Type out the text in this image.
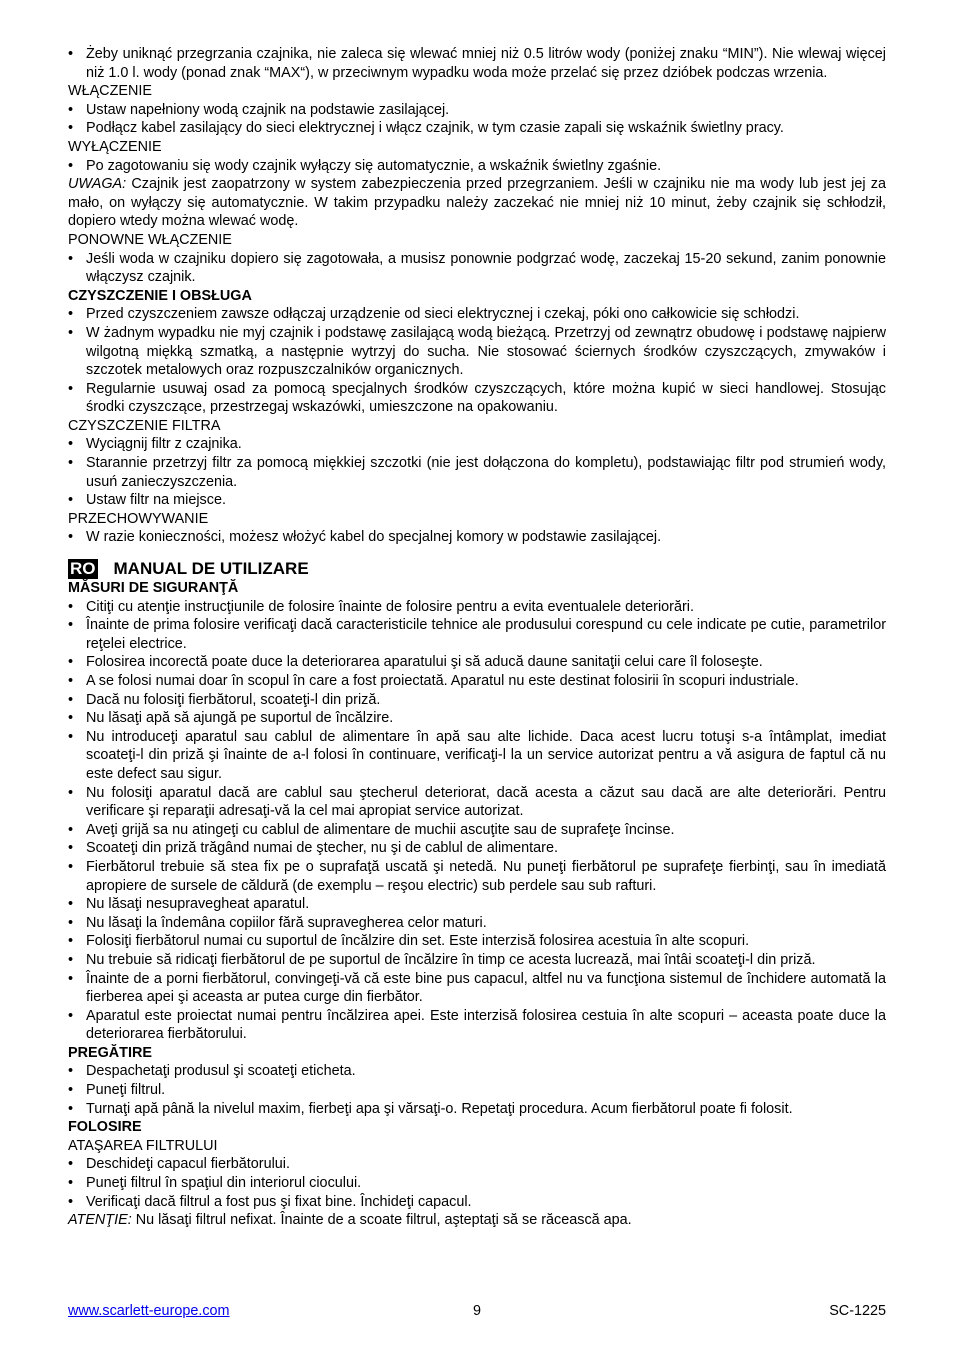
• Żeby uniknąć przegrzania czajnika, nie zaleca się wlewać mniej niż 0.5 litrów wody (poniżej znaku “MIN”). Nie wlewaj więcej niż 1.0 l. wody (ponad znak “MAX“), w przeciwnym wypadku woda może przelać się przez dzióbek podczas wrzenia.
WŁĄCZENIE
• Ustaw napełniony wodą czajnik na podstawie zasilającej.
• Podłącz kabel zasilający do sieci elektrycznej i włącz czajnik, w tym czasie zapali się wskaźnik świetlny pracy.
WYŁĄCZENIE
• Po zagotowaniu się wody czajnik wyłączy się automatycznie, a wskaźnik świetlny zgaśnie.

UWAGA: Czajnik jest zaopatrzony w system zabezpieczenia przed przegrzaniem. Jeśli w czajniku nie ma wody lub jest jej za mało, on wyłączy się automatycznie. W takim przypadku należy zaczekać nie mniej niż 10 minut, żeby czajnik się schłodził, dopiero wtedy można wlewać wodę.

PONOWNE WŁĄCZENIE
• Jeśli woda w czajniku dopiero się zagotowała, a musisz ponownie podgrzać wodę, zaczekaj 15-20 sekund, zanim ponownie włączysz czajnik.
CZYSZCZENIE I OBSŁUGA
• Przed czyszczeniem zawsze odłączaj urządzenie od sieci elektrycznej i czekaj, póki ono całkowicie się schłodzi.
• W żadnym wypadku nie myj czajnik i podstawę zasilającą wodą bieżącą. Przetrzyj od zewnątrz obudowę i podstawę najpierw wilgotną miękką szmatką, a następnie wytrzyj do sucha. Nie stosować ściernych środków czyszczących, zmywaków i szczotek metalowych oraz rozpuszczalników organicznych.
• Regularnie usuwaj osad za pomocą specjalnych środków czyszczących, które można kupić w sieci handlowej. Stosując środki czyszczące, przestrzegaj wskazówki, umieszczone na opakowaniu.
CZYSZCZENIE FILTRA
• Wyciągnij filtr z czajnika.
• Starannie przetrzyj filtr za pomocą miękkiej szczotki (nie jest dołączona do kompletu), podstawiając filtr pod strumień wody, usuń zanieczyszczenia.
• Ustaw filtr na miejsce.
PRZECHOWYWANIE
• W razie konieczności, możesz włożyć kabel do specjalnej komory w podstawie zasilającej.
RO MANUAL DE UTILIZARE
MĂSURI DE SIGURANŢĂ
• Citiţi cu atenţie instrucţiunile de folosire înainte de folosire pentru a evita eventualele deteriorări.
• Înainte de prima folosire verificaţi dacă caracteristicile tehnice ale produsului corespund cu cele indicate pe cutie, parametrilor reţelei electrice.
• Folosirea incorectă poate duce la deteriorarea aparatului şi să aducă daune sanitaţii celui care îl foloseşte.
• A se folosi numai doar în scopul în care a fost proiectată. Aparatul nu este destinat folosirii în scopuri industriale.
• Dacă nu folosiţi fierbătorul, scoateţi-l din priză.
• Nu lăsaţi apă să ajungă pe suportul de încălzire.
• Nu introduceţi aparatul sau cablul de alimentare în apă sau alte lichide. Daca acest lucru totuşi s-a întâmplat, imediat scoateţi-l din priză şi înainte de a-l folosi în continuare, verificaţi-l la un service autorizat pentru a vă asigura de faptul că nu este defect sau sigur.
• Nu folosiţi aparatul dacă are cablul sau ştecherul deteriorat, dacă acesta a căzut sau dacă are alte deteriorări. Pentru verificare şi reparaţii adresaţi-vă la cel mai apropiat service autorizat.
• Aveţi grijă sa nu atingeţi cu cablul de alimentare de muchii ascuţite sau de suprafeţe încinse.
• Scoateţi din priză trăgând numai de ştecher, nu şi de cablul de alimentare.
• Fierbătorul trebuie să stea fix pe o suprafaţă uscată şi netedă. Nu puneţi fierbătorul pe suprafeţe fierbinţi, sau în imediată apropiere de sursele de căldură (de exemplu – reşou electric) sub perdele sau sub rafturi.
• Nu lăsaţi nesupravegheat aparatul.
• Nu lăsaţi la îndemâna copiilor fără supravegherea celor maturi.
• Folosiţi fierbătorul numai cu suportul de încălzire din set. Este interzisă folosirea acestuia în alte scopuri.
• Nu trebuie să ridicaţi fierbătorul de pe suportul de încălzire în timp ce acesta lucrează, mai întâi scoateţi-l din priză.
• Înainte de a porni fierbătorul, convingeţi-vă că este bine pus capacul, altfel nu va funcţiona sistemul de închidere automată la fierberea apei şi aceasta ar putea curge din fierbător.
• Aparatul este proiectat numai pentru încălzirea apei. Este interzisă folosirea cestuia în alte scopuri – aceasta poate duce la deteriorarea fierbătorului.
PREGĂTIRE
• Despachetaţi produsul şi scoateţi eticheta.
• Puneţi filtrul.
• Turnaţi apă până la nivelul maxim, fierbeţi apa şi vărsaţi-o. Repetaţi procedura. Acum fierbătorul poate fi folosit.
FOLOSIRE
ATAŞAREA FILTRULUI
• Deschideţi capacul fierbătorului.
• Puneţi filtrul în spaţiul din interiorul ciocului.
• Verificaţi dacă filtrul a fost pus şi fixat bine. Închideţi capacul.

ATENŢIE: Nu lăsaţi filtrul nefixat. Înainte de a scoate filtrul, aşteptaţi să se răcească apa.

www.scarlett-europe.com	9	SC-1225
